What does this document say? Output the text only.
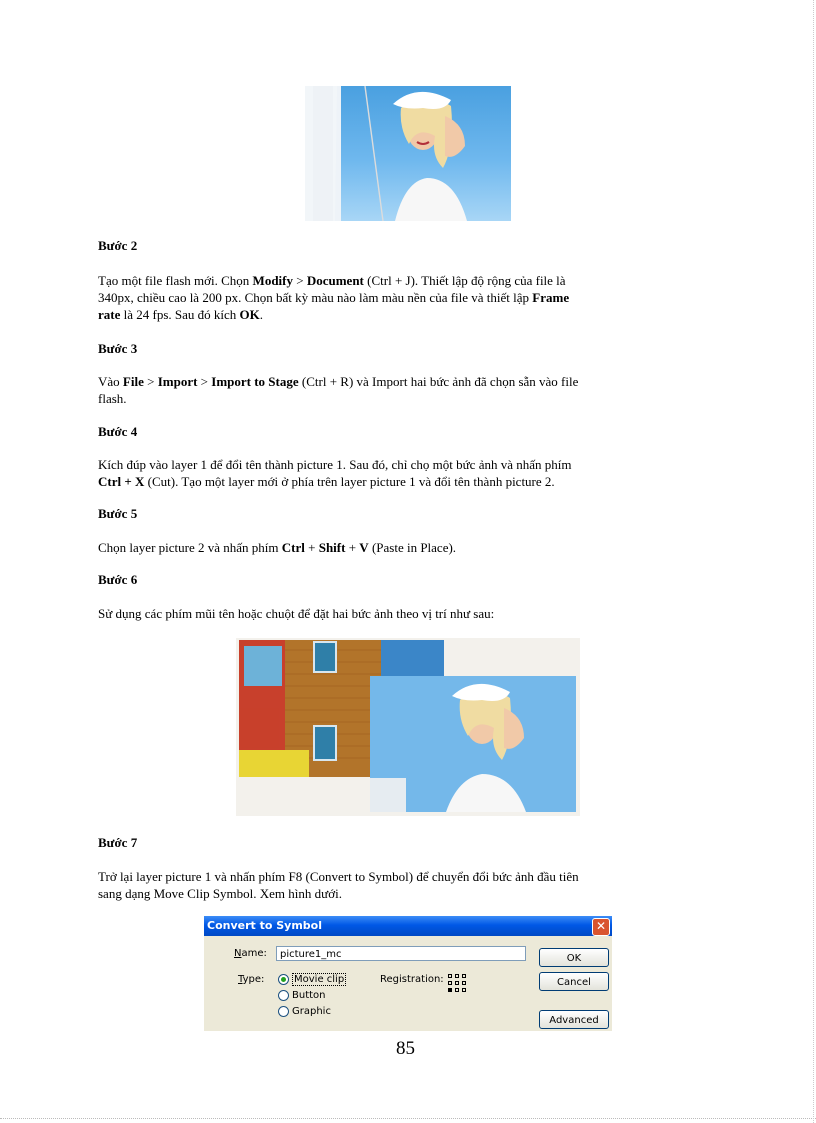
Bước 2
Tạo một file flash mới. Chọn Modify > Document (Ctrl + J). Thiết lập độ rộng của file là
340px, chiều cao là 200 px. Chọn bất kỳ màu nào làm màu nền của file và thiết lập Frame
rate là 24 fps. Sau đó kích OK.
Bước 3
Vào File > Import > Import to Stage (Ctrl + R) và Import hai bức ảnh đã chọn sẵn vào file
flash.
Bước 4
Kích đúp vào layer 1 để đổi tên thành picture 1. Sau đó, chỉ chọ một bức ảnh và nhấn phím
Ctrl + X (Cut). Tạo một layer mới ở phía trên layer picture 1 và đổi tên thành picture 2.
Bước 5
Chọn layer picture 2 và nhấn phím Ctrl + Shift + V (Paste in Place).
Bước 6
Sử dụng các phím mũi tên hoặc chuột để đặt hai bức ảnh theo vị trí như sau:
Bước 7
Trở lại layer picture 1 và nhấn phím F8 (Convert to Symbol) để chuyển đổi bức ảnh đầu tiên
sang dạng Move Clip Symbol. Xem hình dưới.
Convert to Symbol	✕
Name:	picture1_mc
Type:	Movie clip
Button
Graphic
Registration:
OK
Cancel
Advanced
85
